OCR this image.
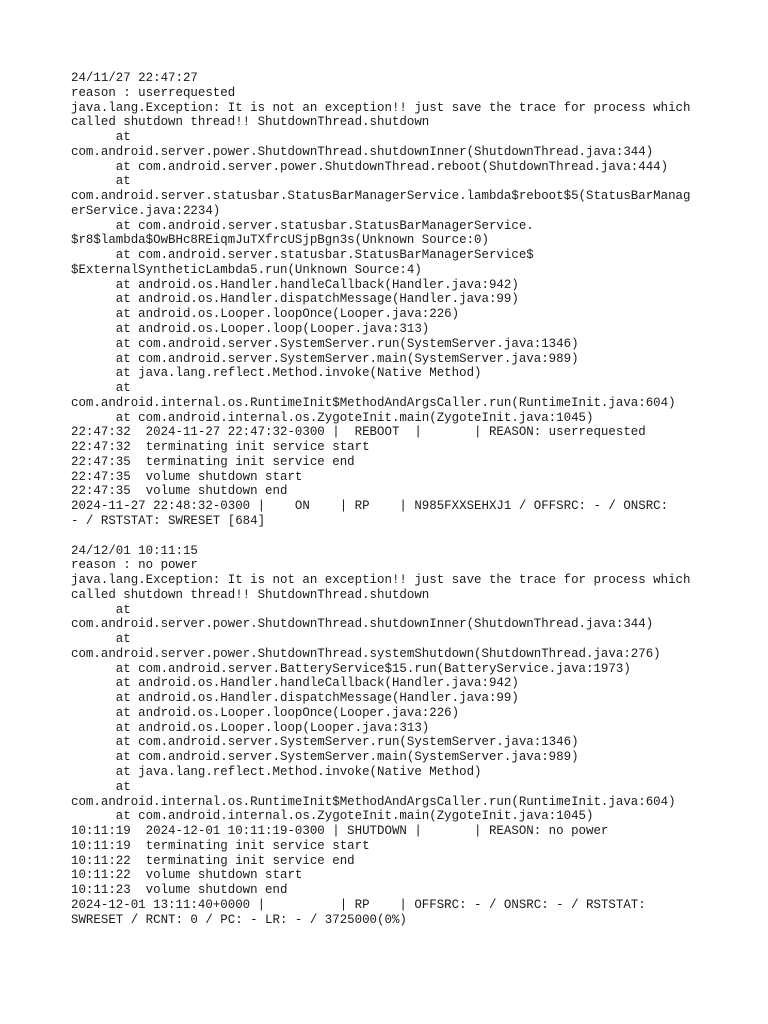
24/11/27 22:47:27
reason : userrequested
java.lang.Exception: It is not an exception!! just save the trace for process which
called shutdown thread!! ShutdownThread.shutdown
at
com.android.server.power.ShutdownThread.shutdownInner(ShutdownThread.java:344)
at com.android.server.power.ShutdownThread.reboot(ShutdownThread.java:444)
at
com.android.server.statusbar.StatusBarManagerService.lambda$reboot$5(StatusBarManag
erService.java:2234)
at com.android.server.statusbar.StatusBarManagerService.
$r8$lambda$OwBHc8REiqmJuTXfrcUSjpBgn3s(Unknown Source:0)
at com.android.server.statusbar.StatusBarManagerService$
$ExternalSyntheticLambda5.run(Unknown Source:4)
at android.os.Handler.handleCallback(Handler.java:942)
at android.os.Handler.dispatchMessage(Handler.java:99)
at android.os.Looper.loopOnce(Looper.java:226)
at android.os.Looper.loop(Looper.java:313)
at com.android.server.SystemServer.run(SystemServer.java:1346)
at com.android.server.SystemServer.main(SystemServer.java:989)
at java.lang.reflect.Method.invoke(Native Method)
at
com.android.internal.os.RuntimeInit$MethodAndArgsCaller.run(RuntimeInit.java:604)
at com.android.internal.os.ZygoteInit.main(ZygoteInit.java:1045)
22:47:32  2024-11-27 22:47:32-0300 |  REBOOT  |       | REASON: userrequested
22:47:32  terminating init service start
22:47:35  terminating init service end
22:47:35  volume shutdown start
22:47:35  volume shutdown end
2024-11-27 22:48:32-0300 |    ON    | RP    | N985FXXSEHXJ1 / OFFSRC: - / ONSRC:
- / RSTSTAT: SWRESET [684]
24/12/01 10:11:15
reason : no power
java.lang.Exception: It is not an exception!! just save the trace for process which
called shutdown thread!! ShutdownThread.shutdown
at
com.android.server.power.ShutdownThread.shutdownInner(ShutdownThread.java:344)
at
com.android.server.power.ShutdownThread.systemShutdown(ShutdownThread.java:276)
at com.android.server.BatteryService$15.run(BatteryService.java:1973)
at android.os.Handler.handleCallback(Handler.java:942)
at android.os.Handler.dispatchMessage(Handler.java:99)
at android.os.Looper.loopOnce(Looper.java:226)
at android.os.Looper.loop(Looper.java:313)
at com.android.server.SystemServer.run(SystemServer.java:1346)
at com.android.server.SystemServer.main(SystemServer.java:989)
at java.lang.reflect.Method.invoke(Native Method)
at
com.android.internal.os.RuntimeInit$MethodAndArgsCaller.run(RuntimeInit.java:604)
at com.android.internal.os.ZygoteInit.main(ZygoteInit.java:1045)
10:11:19  2024-12-01 10:11:19-0300 | SHUTDOWN |       | REASON: no power
10:11:19  terminating init service start
10:11:22  terminating init service end
10:11:22  volume shutdown start
10:11:23  volume shutdown end
2024-12-01 13:11:40+0000 |          | RP    | OFFSRC: - / ONSRC: - / RSTSTAT:
SWRESET / RCNT: 0 / PC: - LR: - / 3725000(0%)
